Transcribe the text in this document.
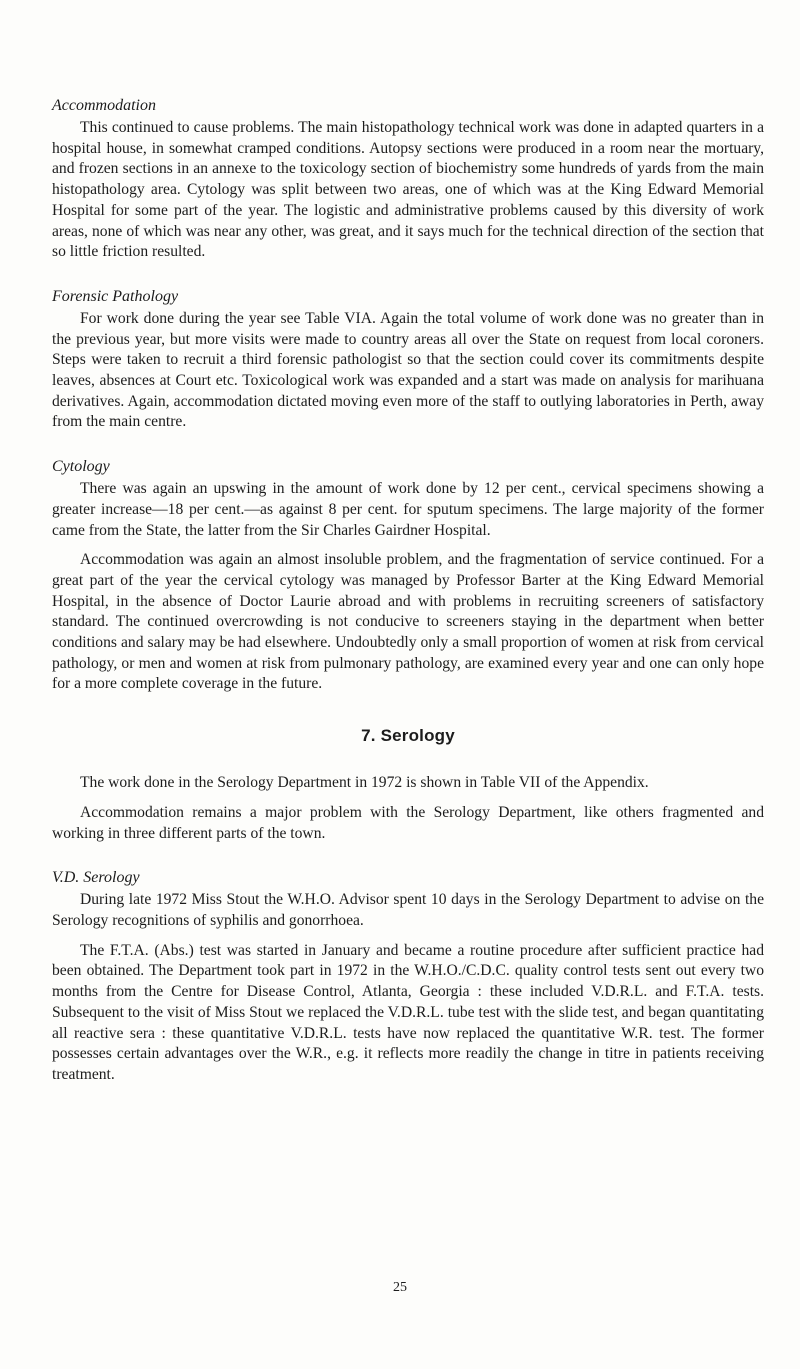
Accommodation

This continued to cause problems. The main histopathology technical work was done in adapted quarters in a hospital house, in somewhat cramped conditions. Autopsy sections were produced in a room near the mortuary, and frozen sections in an annexe to the toxicology section of biochemistry some hundreds of yards from the main histopathology area. Cytology was split between two areas, one of which was at the King Edward Memorial Hospital for some part of the year. The logistic and administrative problems caused by this diversity of work areas, none of which was near any other, was great, and it says much for the technical direction of the section that so little friction resulted.

Forensic Pathology

For work done during the year see Table VIA. Again the total volume of work done was no greater than in the previous year, but more visits were made to country areas all over the State on request from local coroners. Steps were taken to recruit a third forensic pathologist so that the section could cover its commitments despite leaves, absences at Court etc. Toxicological work was expanded and a start was made on analysis for marihuana derivatives. Again, accommodation dictated moving even more of the staff to outlying laboratories in Perth, away from the main centre.

Cytology

There was again an upswing in the amount of work done by 12 per cent., cervical specimens showing a greater increase—18 per cent.—as against 8 per cent. for sputum specimens. The large majority of the former came from the State, the latter from the Sir Charles Gairdner Hospital.

Accommodation was again an almost insoluble problem, and the fragmentation of service continued. For a great part of the year the cervical cytology was managed by Professor Barter at the King Edward Memorial Hospital, in the absence of Doctor Laurie abroad and with problems in recruiting screeners of satisfactory standard. The continued overcrowding is not conducive to screeners staying in the department when better conditions and salary may be had elsewhere. Undoubtedly only a small proportion of women at risk from cervical pathology, or men and women at risk from pulmonary pathology, are examined every year and one can only hope for a more complete coverage in the future.

7. Serology

The work done in the Serology Department in 1972 is shown in Table VII of the Appendix.

Accommodation remains a major problem with the Serology Department, like others fragmented and working in three different parts of the town.

V.D. Serology

During late 1972 Miss Stout the W.H.O. Advisor spent 10 days in the Serology Department to advise on the Serology recognitions of syphilis and gonorrhoea.

The F.T.A. (Abs.) test was started in January and became a routine procedure after sufficient practice had been obtained. The Department took part in 1972 in the W.H.O./C.D.C. quality control tests sent out every two months from the Centre for Disease Control, Atlanta, Georgia : these included V.D.R.L. and F.T.A. tests. Subsequent to the visit of Miss Stout we replaced the V.D.R.L. tube test with the slide test, and began quantitating all reactive sera : these quantitative V.D.R.L. tests have now replaced the quantitative W.R. test. The former possesses certain advantages over the W.R., e.g. it reflects more readily the change in titre in patients receiving treatment.

25
